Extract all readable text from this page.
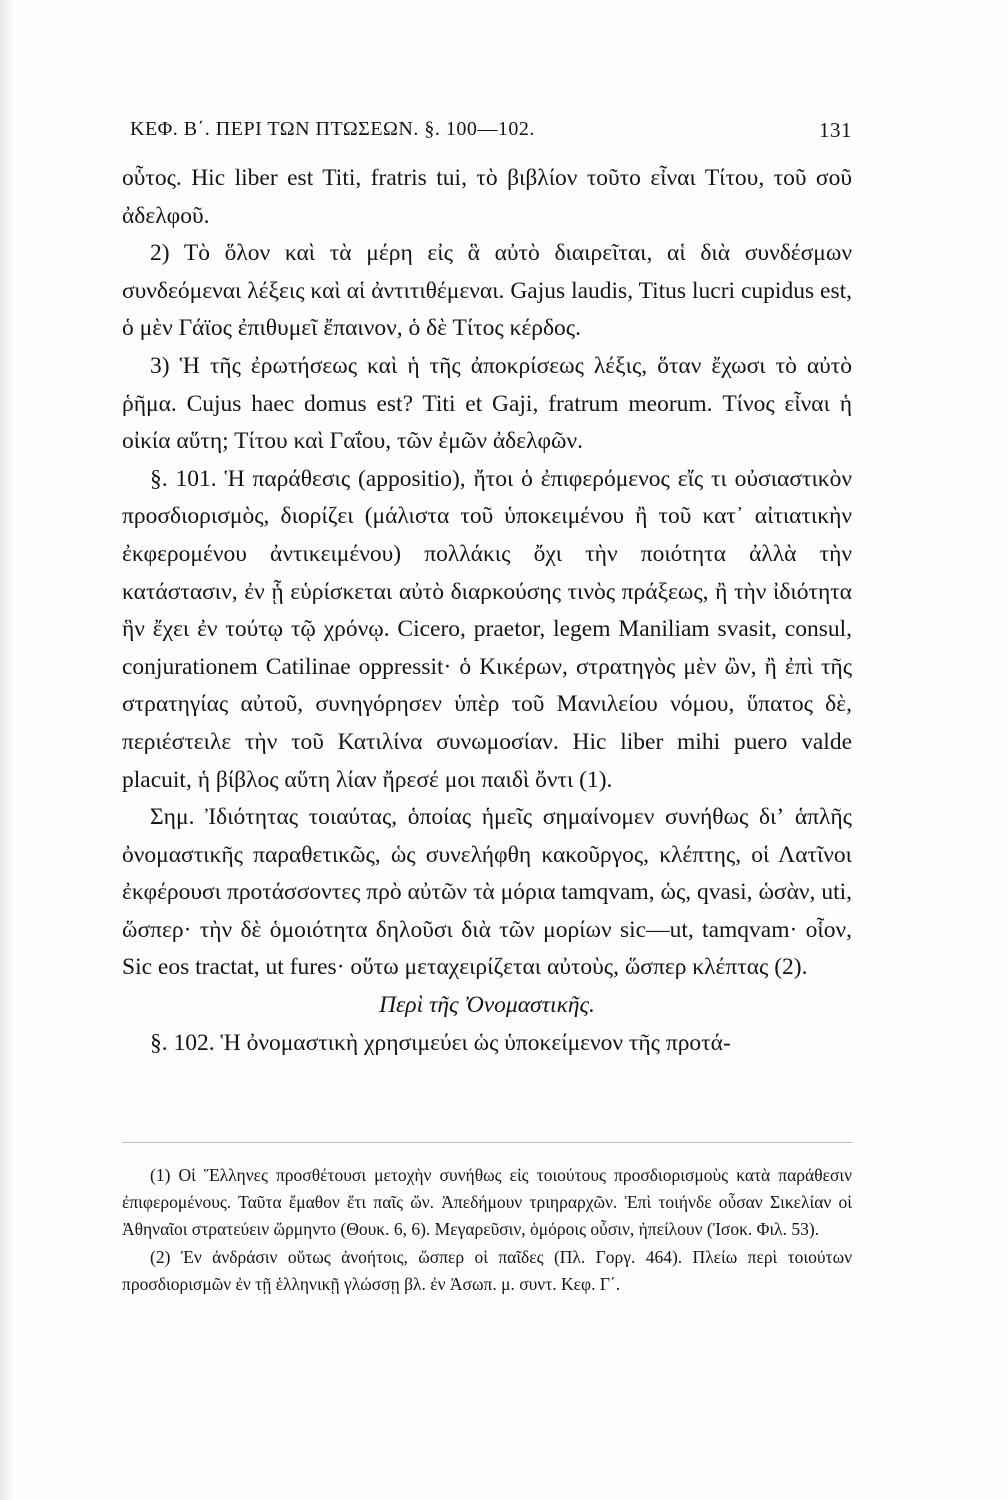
ΚΕΦ. Β΄. ΠΕΡΙ ΤΩΝ ΠΤΩΣΕΩΝ. §. 100—102.	131

οὗτος. Hic liber est Titi, fratris tui, τὸ βιβλίον τοῦτο εἶναι Τίτου, τοῦ σοῦ ἀδελφοῦ.

2) Τὸ ὅλον καὶ τὰ μέρη εἰς ἃ αὐτὸ διαιρεῖται, αἱ διὰ συνδέσμων συνδεόμεναι λέξεις καὶ αἱ ἀντιτιθέμεναι. Gajus laudis, Titus lucri cupidus est, ὁ μὲν Γάϊος ἐπιθυμεῖ ἔπαινον, ὁ δὲ Τίτος κέρδος.

3) Ἡ τῆς ἐρωτήσεως καὶ ἡ τῆς ἀποκρίσεως λέξις, ὅταν ἔχωσι τὸ αὐτὸ ῥῆμα. Cujus haec domus est? Titi et Gaji, fratrum meorum. Τίνος εἶναι ἡ οἰκία αὕτη; Τίτου καὶ Γαΐου, τῶν ἐμῶν ἀδελφῶν.

§. 101. Ἡ παράθεσις (appositio), ἤτοι ὁ ἐπιφερόμενος εἴς τι οὐσιαστικὸν προσδιορισμὸς, διορίζει (μάλιστα τοῦ ὑποκειμένου ἢ τοῦ κατ᾽ αἰτιατικὴν ἐκφερομένου ἀντικειμένου) πολλάκις ὄχι τὴν ποιότητα ἀλλὰ τὴν κατάστασιν, ἐν ᾗ εὑρίσκεται αὐτὸ διαρκούσης τινὸς πράξεως, ἢ τὴν ἰδιότητα ἣν ἔχει ἐν τούτῳ τῷ χρόνῳ. Cicero, praetor, legem Maniliam svasit, consul, conjurationem Catilinae oppressit· ὁ Κικέρων, στρατηγὸς μὲν ὢν, ἢ ἐπὶ τῆς στρατηγίας αὐτοῦ, συνηγόρησεν ὑπὲρ τοῦ Μανιλείου νόμου, ὕπατος δὲ, περιέστειλε τὴν τοῦ Κατιλίνα συνωμοσίαν. Hic liber mihi puero valde placuit, ἡ βίβλος αὕτη λίαν ἤρεσέ μοι παιδὶ ὄντι (1).

Σημ. Ἰδιότητας τοιαύτας, ὁποίας ἡμεῖς σημαίνομεν συνήθως διʼ ἁπλῆς ὀνομαστικῆς παραθετικῶς, ὡς συνελήφθη κακοῦργος, κλέπτης, οἱ Λατῖνοι ἐκφέρουσι προτάσσοντες πρὸ αὐτῶν τὰ μόρια tamqvam, ὡς, qvasi, ὡσὰν, uti, ὥσπερ· τὴν δὲ ὁμοιότητα δηλοῦσι διὰ τῶν μορίων sic—ut, tamqvam· οἷον, Sic eos tractat, ut fures· οὕτω μεταχειρίζεται αὐτοὺς, ὥσπερ κλέπτας (2).

Περὶ τῆς Ὀνομαστικῆς.

§. 102. Ἡ ὀνομαστικὴ χρησιμεύει ὡς ὑποκείμενον τῆς προτά-

(1) Οἱ Ἕλληνες προσθέτουσι μετοχὴν συνήθως εἰς τοιούτους προσδιορισμοὺς κατὰ παράθεσιν ἐπιφερομένους. Ταῦτα ἔμαθον ἔτι παῖς ὤν. Ἀπεδήμουν τριηραρχῶν. Ἐπὶ τοιήνδε οὖσαν Σικελίαν οἱ Ἀθηναῖοι στρατεύειν ὥρμηντο (Θουκ. 6, 6). Μεγαρεῦσιν, ὁμόροις οὖσιν, ἠπείλουν (Ἰσοκ. Φιλ. 53).

(2) Ἐν ἀνδράσιν οὕτως ἀνοήτοις, ὥσπερ οἱ παῖδες (Πλ. Γοργ. 464). Πλείω περὶ τοιούτων προσδιορισμῶν ἐν τῇ ἑλληνικῇ γλώσσῃ βλ. ἐν Ἀσωπ. μ. συντ. Κεφ. Γ΄.
